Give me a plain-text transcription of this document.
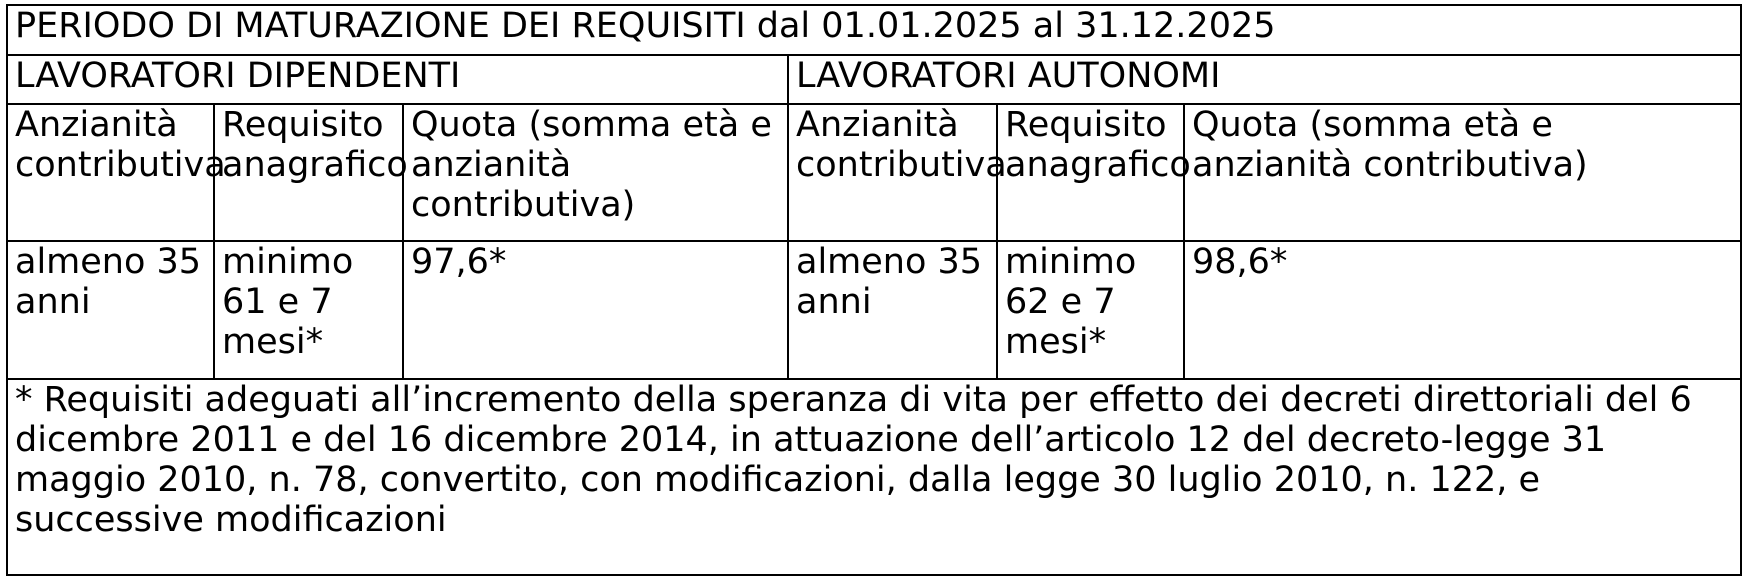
PERIODO DI MATURAZIONE DEI REQUISITI dal 01.01.2025 al 31.12.2025					
LAVORATORI DIPENDENTI			LAVORATORI AUTONOMI		
Anzianità contributiva	Requisito anagrafico	Quota (somma età e anzianità contributiva)	Anzianità contributiva	Requisito anagrafico	Quota (somma età e anzianità contributiva)
almeno 35 anni	minimo 61 e 7 mesi*	97,6*	almeno 35 anni	minimo 62 e 7 mesi*	98,6*
* Requisiti adeguati all’incremento della speranza di vita per effetto dei decreti direttoriali del 6 dicembre 2011 e del 16 dicembre 2014, in attuazione dell’articolo 12 del decreto-legge 31 maggio 2010, n. 78, convertito, con modificazioni, dalla legge 30 luglio 2010, n. 122, e successive modificazioni					
